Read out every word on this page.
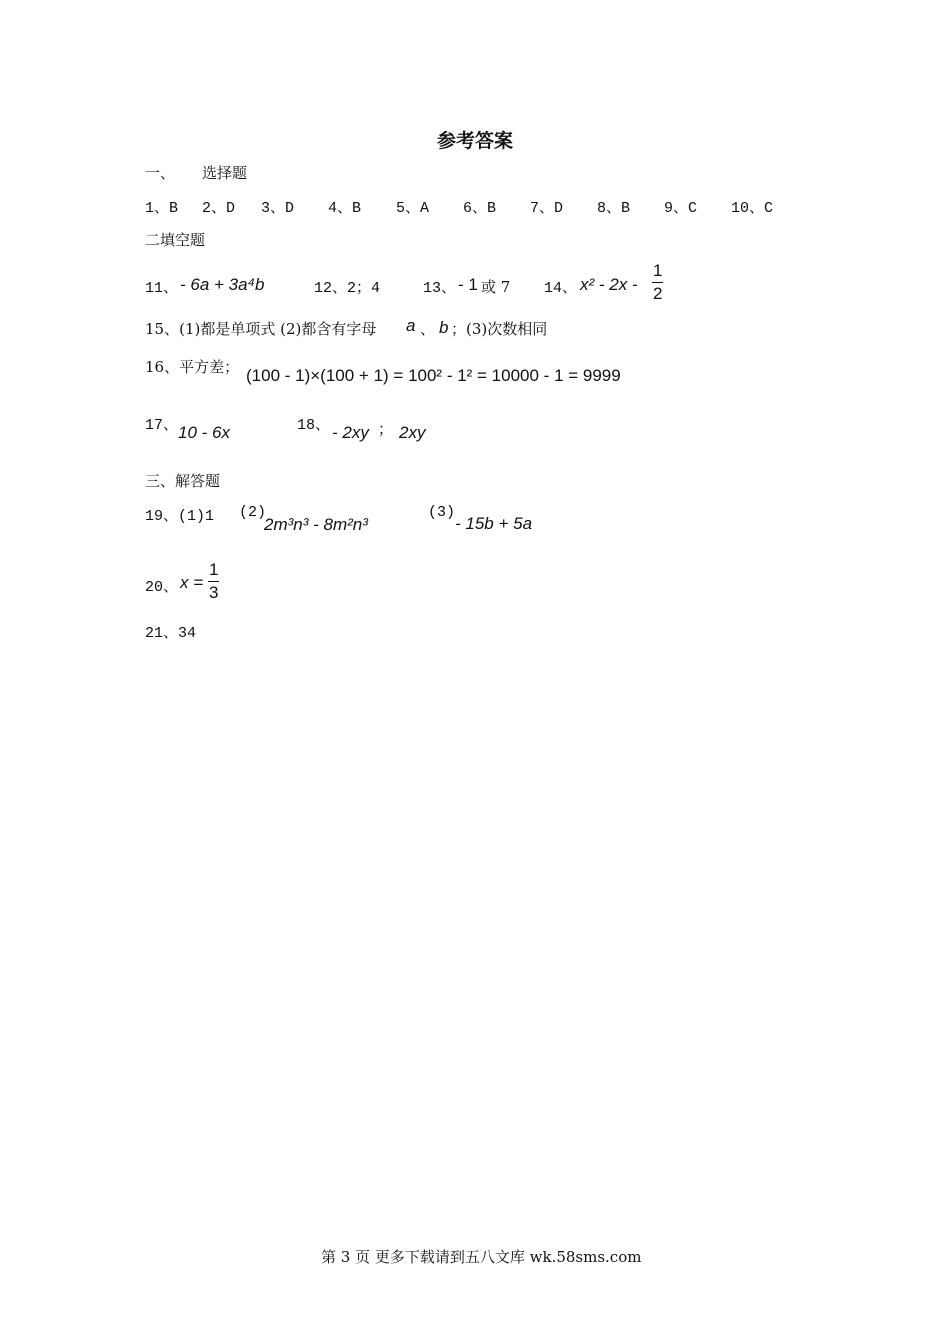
参考答案
一、 选择题
1、B 2、D 3、D 4、B 5、A 6、B 7、D 8、B 9、C 10、C
二填空题
11、 - 6a + 3a⁴b	12、2；4	13、 - 1 或 7 14、 x² - 2x -
1
2
15、(1)都是单项式 (2)都含有字母 a 、 b ；(3)次数相同
16、平方差； (100 - 1)×(100 + 1) = 100² - 1² = 10000 - 1 = 9999
17、 10 - 6x	18、 - 2xy ； 2xy
三、解答题
19、(1)1 (2)
2m³n³ - 8m²n³
(3)
- 15b + 5a
20、 x =
1
3
21、34
第 3 页 更多下载请到五八文库 wk.58sms.com
